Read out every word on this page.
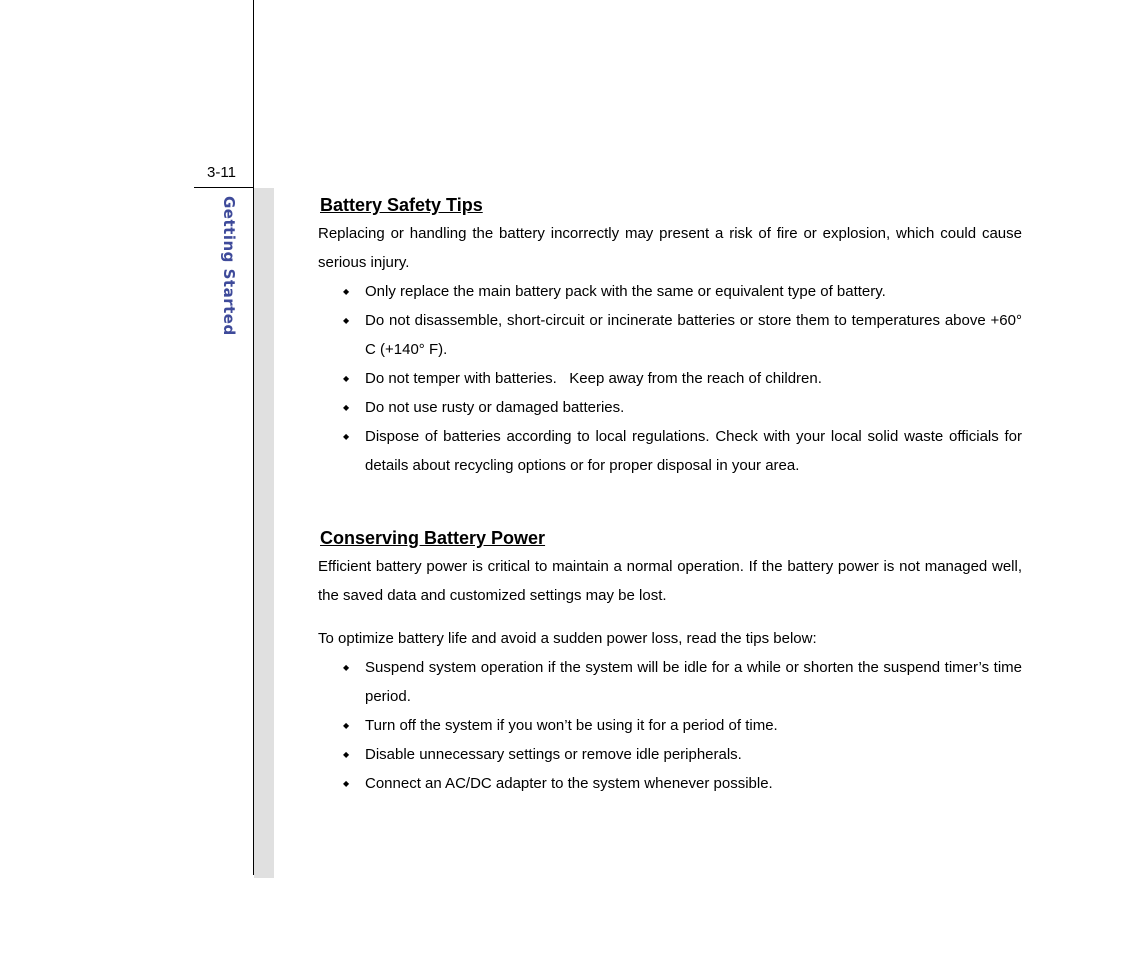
3-11
Getting Started	Battery Safety Tips

Replacing or handling the battery incorrectly may present a risk of fire or explosion, which could cause serious injury.

◆ Only replace the main battery pack with the same or equivalent type of battery.
◆ Do not disassemble, short-circuit or incinerate batteries or store them to temperatures above +60° C (+140° F).
◆ Do not temper with batteries.   Keep away from the reach of children.
◆ Do not use rusty or damaged batteries.
◆ Dispose of batteries according to local regulations. Check with your local solid waste officials for details about recycling options or for proper disposal in your area.
Conserving Battery Power

Efficient battery power is critical to maintain a normal operation. If the battery power is not managed well, the saved data and customized settings may be lost.

To optimize battery life and avoid a sudden power loss, read the tips below:

◆ Suspend system operation if the system will be idle for a while or shorten the suspend timer’s time period.
◆ Turn off the system if you won’t be using it for a period of time.
◆ Disable unnecessary settings or remove idle peripherals.
◆ Connect an AC/DC adapter to the system whenever possible.
